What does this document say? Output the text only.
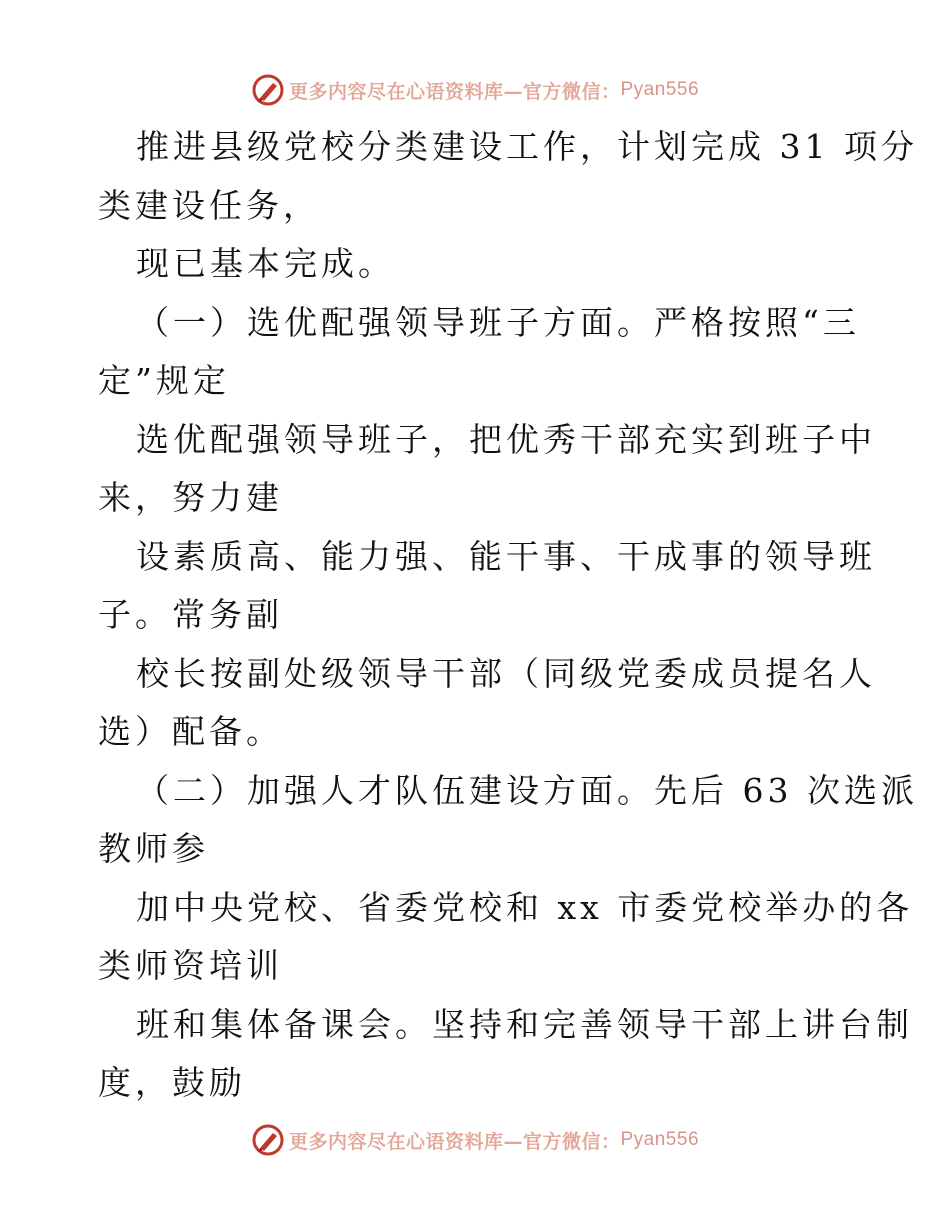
更多内容尽在心语资料库—官方微信： Pyan556
推进县级党校分类建设工作，计划完成 31 项分
类建设任务，
现已基本完成。
（一）选优配强领导班子方面。严格按照“三
定”规定
选优配强领导班子，把优秀干部充实到班子中
来，努力建
设素质高、能力强、能干事、干成事的领导班
子。常务副
校长按副处级领导干部（同级党委成员提名人
选）配备。
（二）加强人才队伍建设方面。先后 63 次选派
教师参
加中央党校、省委党校和 xx 市委党校举办的各
类师资培训
班和集体备课会。坚持和完善领导干部上讲台制
度，鼓励
更多内容尽在心语资料库—官方微信： Pyan556
